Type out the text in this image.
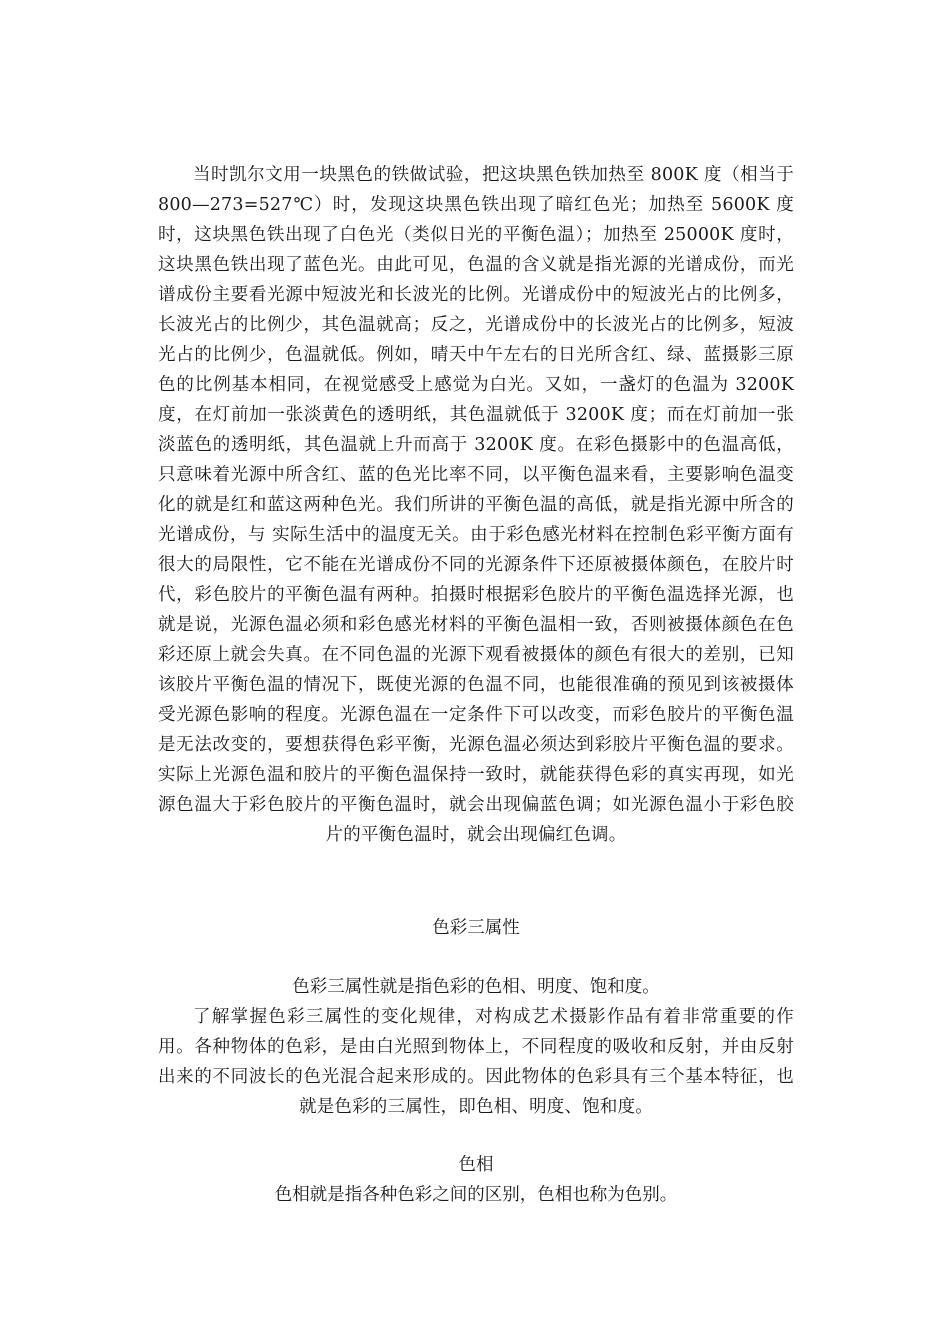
当时凯尔文用一块黑色的铁做试验，把这块黑色铁加热至 800K 度（相当于 800—273=527℃）时，发现这块黑色铁出现了暗红色光；加热至 5600K 度时，这块黑色铁出现了白色光（类似日光的平衡色温）；加热至 25000K 度时，这块黑色铁出现了蓝色光。由此可见，色温的含义就是指光源的光谱成份，而光谱成份主要看光源中短波光和长波光的比例。光谱成份中的短波光占的比例多，长波光占的比例少，其色温就高；反之，光谱成份中的长波光占的比例多，短波光占的比例少，色温就低。例如，晴天中午左右的日光所含红、绿、蓝摄影三原色的比例基本相同，在视觉感受上感觉为白光。又如，一盏灯的色温为 3200K 度，在灯前加一张淡黄色的透明纸，其色温就低于 3200K 度；而在灯前加一张淡蓝色的透明纸，其色温就上升而高于 3200K 度。在彩色摄影中的色温高低，只意味着光源中所含红、蓝的色光比率不同，以平衡色温来看，主要影响色温变化的就是红和蓝这两种色光。我们所讲的平衡色温的高低，就是指光源中所含的光谱成份，与 实际生活中的温度无关。由于彩色感光材料在控制色彩平衡方面有很大的局限性，它不能在光谱成份不同的光源条件下还原被摄体颜色，在胶片时代，彩色胶片的平衡色温有两种。拍摄时根据彩色胶片的平衡色温选择光源，也就是说，光源色温必须和彩色感光材料的平衡色温相一致，否则被摄体颜色在色彩还原上就会失真。在不同色温的光源下观看被摄体的颜色有很大的差别，已知该胶片平衡色温的情况下，既使光源的色温不同，也能很准确的预见到该被摄体受光源色影响的程度。光源色温在一定条件下可以改变，而彩色胶片的平衡色温是无法改变的，要想获得色彩平衡，光源色温必须达到彩胶片平衡色温的要求。实际上光源色温和胶片的平衡色温保持一致时，就能获得色彩的真实再现，如光源色温大于彩色胶片的平衡色温时，就会出现偏蓝色调；如光源色温小于彩色胶片的平衡色温时，就会出现偏红色调。

色彩三属性

色彩三属性就是指色彩的色相、明度、饱和度。

了解掌握色彩三属性的变化规律，对构成艺术摄影作品有着非常重要的作用。各种物体的色彩，是由白光照到物体上，不同程度的吸收和反射，并由反射出来的不同波长的色光混合起来形成的。因此物体的色彩具有三个基本特征，也就是色彩的三属性，即色相、明度、饱和度。

色相

色相就是指各种色彩之间的区别，色相也称为色别。
